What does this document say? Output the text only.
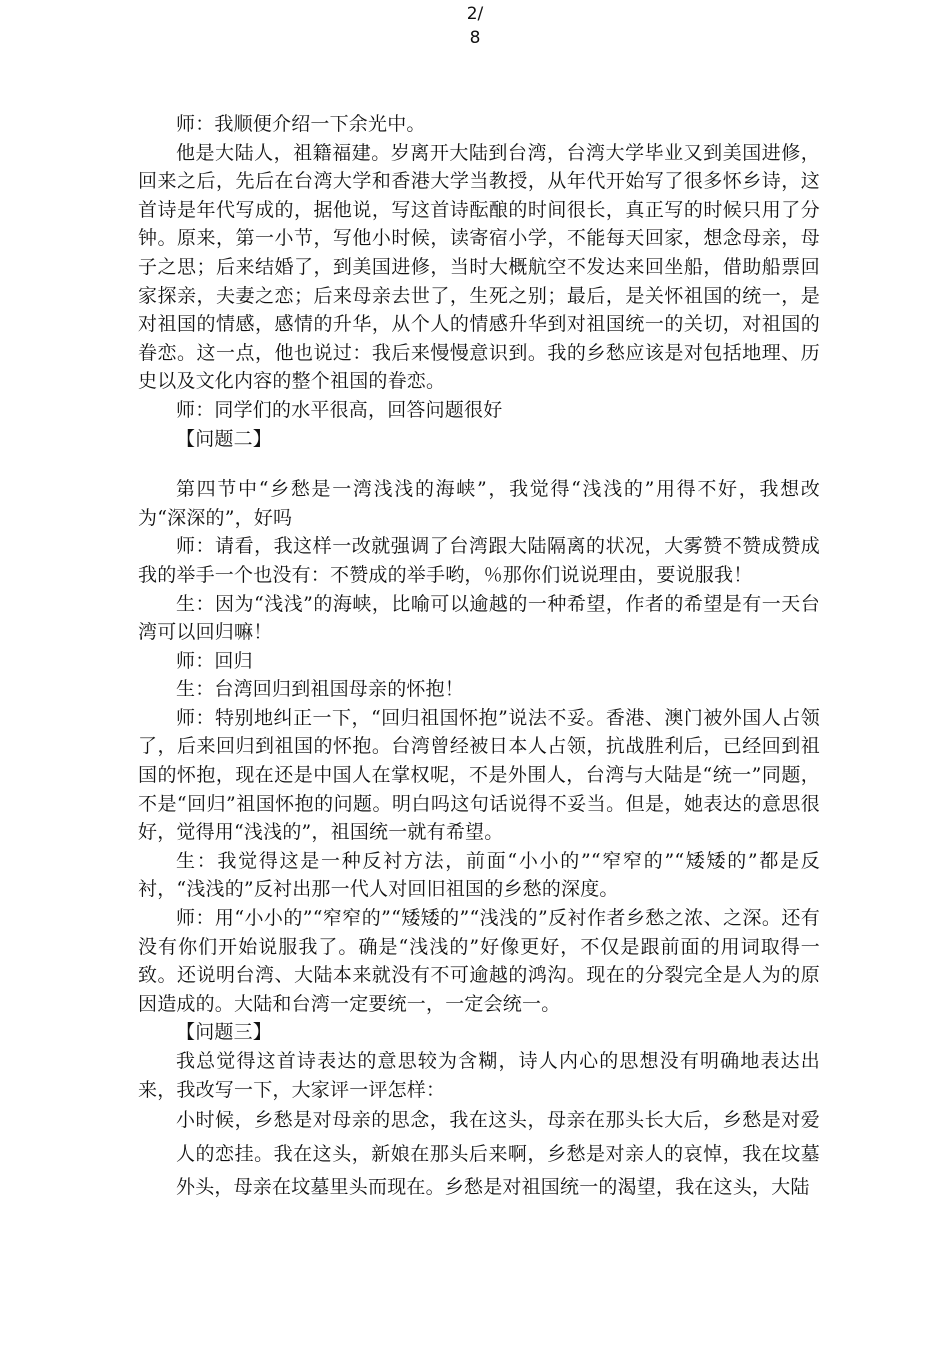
2/
8

师：我顺便介绍一下余光中。

他是大陆人，祖籍福建。岁离开大陆到台湾，台湾大学毕业又到美国进修，回来之后，先后在台湾大学和香港大学当教授，从年代开始写了很多怀乡诗，这首诗是年代写成的，据他说，写这首诗酝酿的时间很长，真正写的时候只用了分钟。原来，第一小节，写他小时候，读寄宿小学，不能每天回家，想念母亲，母子之思；后来结婚了，到美国进修，当时大概航空不发达来回坐船，借助船票回家探亲，夫妻之恋；后来母亲去世了，生死之别；最后，是关怀祖国的统一，是对祖国的情感，感情的升华，从个人的情感升华到对祖国统一的关切，对祖国的眷恋。这一点，他也说过：我后来慢慢意识到。我的乡愁应该是对包括地理、历史以及文化内容的整个祖国的眷恋。

师：同学们的水平很高，回答问题很好

【问题二】

第四节中“乡愁是一湾浅浅的海峡”，我觉得“浅浅的”用得不好，我想改为“深深的”，好吗

师：请看，我这样一改就强调了台湾跟大陆隔离的状况，大雾赞不赞成赞成我的举手一个也没有：不赞成的举手哟，％那你们说说理由，要说服我！

生：因为“浅浅”的海峡，比喻可以逾越的一种希望，作者的希望是有一天台湾可以回归嘛！

师：回归

生：台湾回归到祖国母亲的怀抱！

师：特别地纠正一下，“回归祖国怀抱”说法不妥。香港、澳门被外国人占领了，后来回归到祖国的怀抱。台湾曾经被日本人占领，抗战胜利后，已经回到祖国的怀抱，现在还是中国人在掌权呢，不是外围人，台湾与大陆是“统一”同题，不是“回归”祖国怀抱的问题。明白吗这句话说得不妥当。但是，她表达的意思很好，觉得用“浅浅的”，祖国统一就有希望。

生：我觉得这是一种反衬方法，前面“小小的”“窄窄的”“矮矮的”都是反衬，“浅浅的”反衬出那一代人对回旧祖国的乡愁的深度。

师：用“小小的”“窄窄的”“矮矮的”“浅浅的”反衬作者乡愁之浓、之深。还有没有你们开始说服我了。确是“浅浅的”好像更好，不仅是跟前面的用词取得一致。还说明台湾、大陆本来就没有不可逾越的鸿沟。现在的分裂完全是人为的原因造成的。大陆和台湾一定要统一，一定会统一。

【问题三】

我总觉得这首诗表达的意思较为含糊，诗人内心的思想没有明确地表达出来，我改写一下，大家评一评怎样：

小时候，乡愁是对母亲的思念，我在这头，母亲在那头长大后，乡愁是对爱人的恋挂。我在这头，新娘在那头后来啊，乡愁是对亲人的哀悼，我在坟墓外头，母亲在坟墓里头而现在。乡愁是对祖国统一的渴望，我在这头，大陆
